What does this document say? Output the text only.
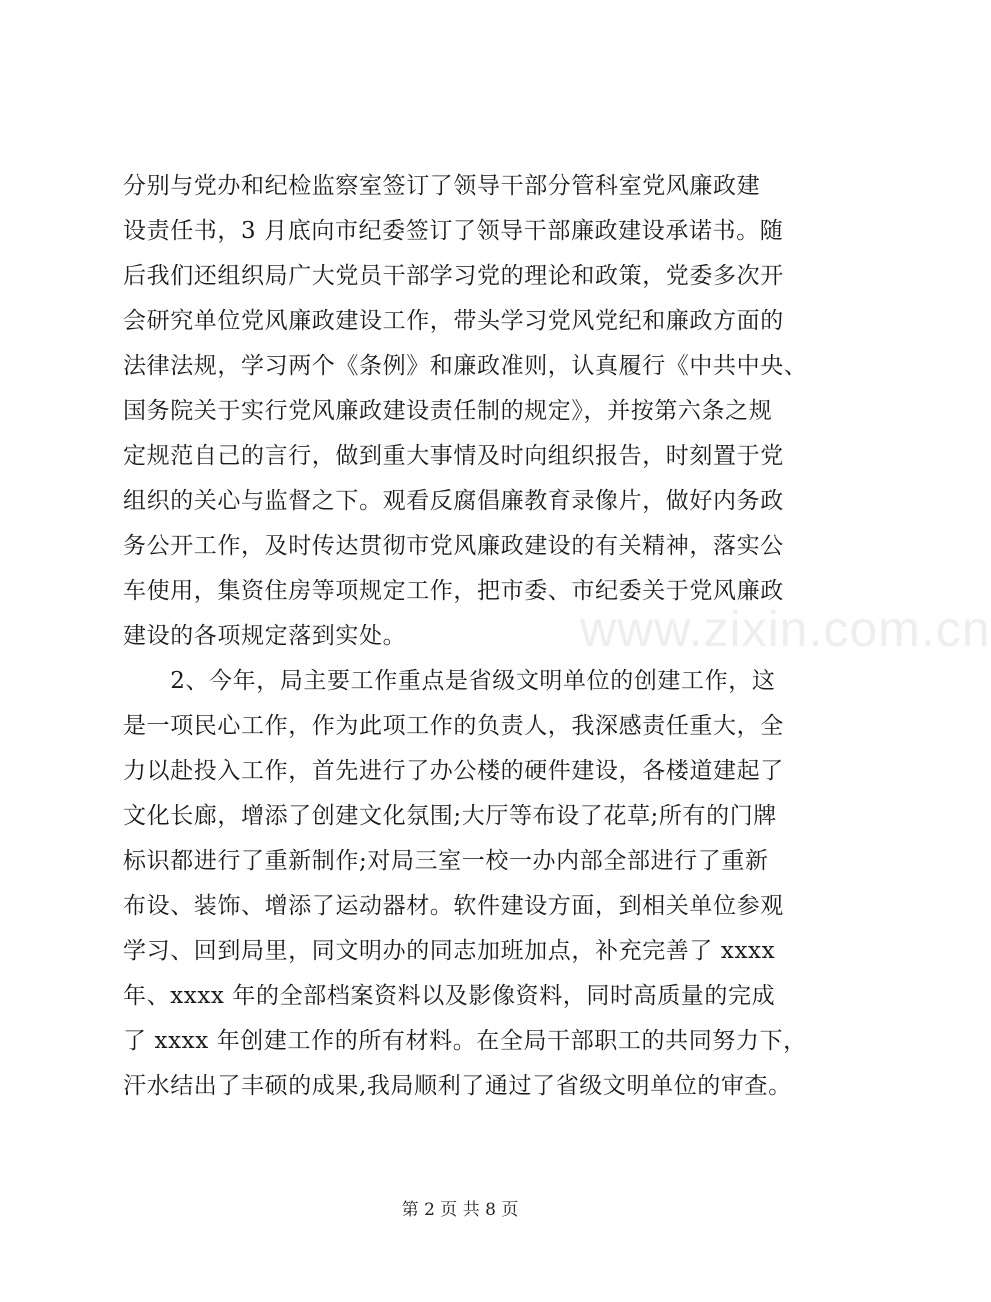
分别与党办和纪检监察室签订了领导干部分管科室党风廉政建
设责任书，3 月底向市纪委签订了领导干部廉政建设承诺书。随
后我们还组织局广大党员干部学习党的理论和政策，党委多次开
会研究单位党风廉政建设工作，带头学习党风党纪和廉政方面的
法律法规，学习两个《条例》和廉政准则，认真履行《中共中央、
国务院关于实行党风廉政建设责任制的规定》，并按第六条之规
定规范自己的言行，做到重大事情及时向组织报告，时刻置于党
组织的关心与监督之下。观看反腐倡廉教育录像片，做好内务政
务公开工作，及时传达贯彻市党风廉政建设的有关精神，落实公
车使用，集资住房等项规定工作，把市委、市纪委关于党风廉政
建设的各项规定落到实处。
　　2、今年，局主要工作重点是省级文明单位的创建工作，这
是一项民心工作，作为此项工作的负责人，我深感责任重大，全
力以赴投入工作，首先进行了办公楼的硬件建设，各楼道建起了
文化长廊，增添了创建文化氛围;大厅等布设了花草;所有的门牌
标识都进行了重新制作;对局三室一校一办内部全部进行了重新
布设、装饰、增添了运动器材。软件建设方面，到相关单位参观
学习、回到局里，同文明办的同志加班加点，补充完善了 xxxx
年、xxxx 年的全部档案资料以及影像资料，同时高质量的完成
了 xxxx 年创建工作的所有材料。在全局干部职工的共同努力下，
汗水结出了丰硕的成果,我局顺利了通过了省级文明单位的审查。
www.zixin.com.cn
第 2 页 共 8 页
